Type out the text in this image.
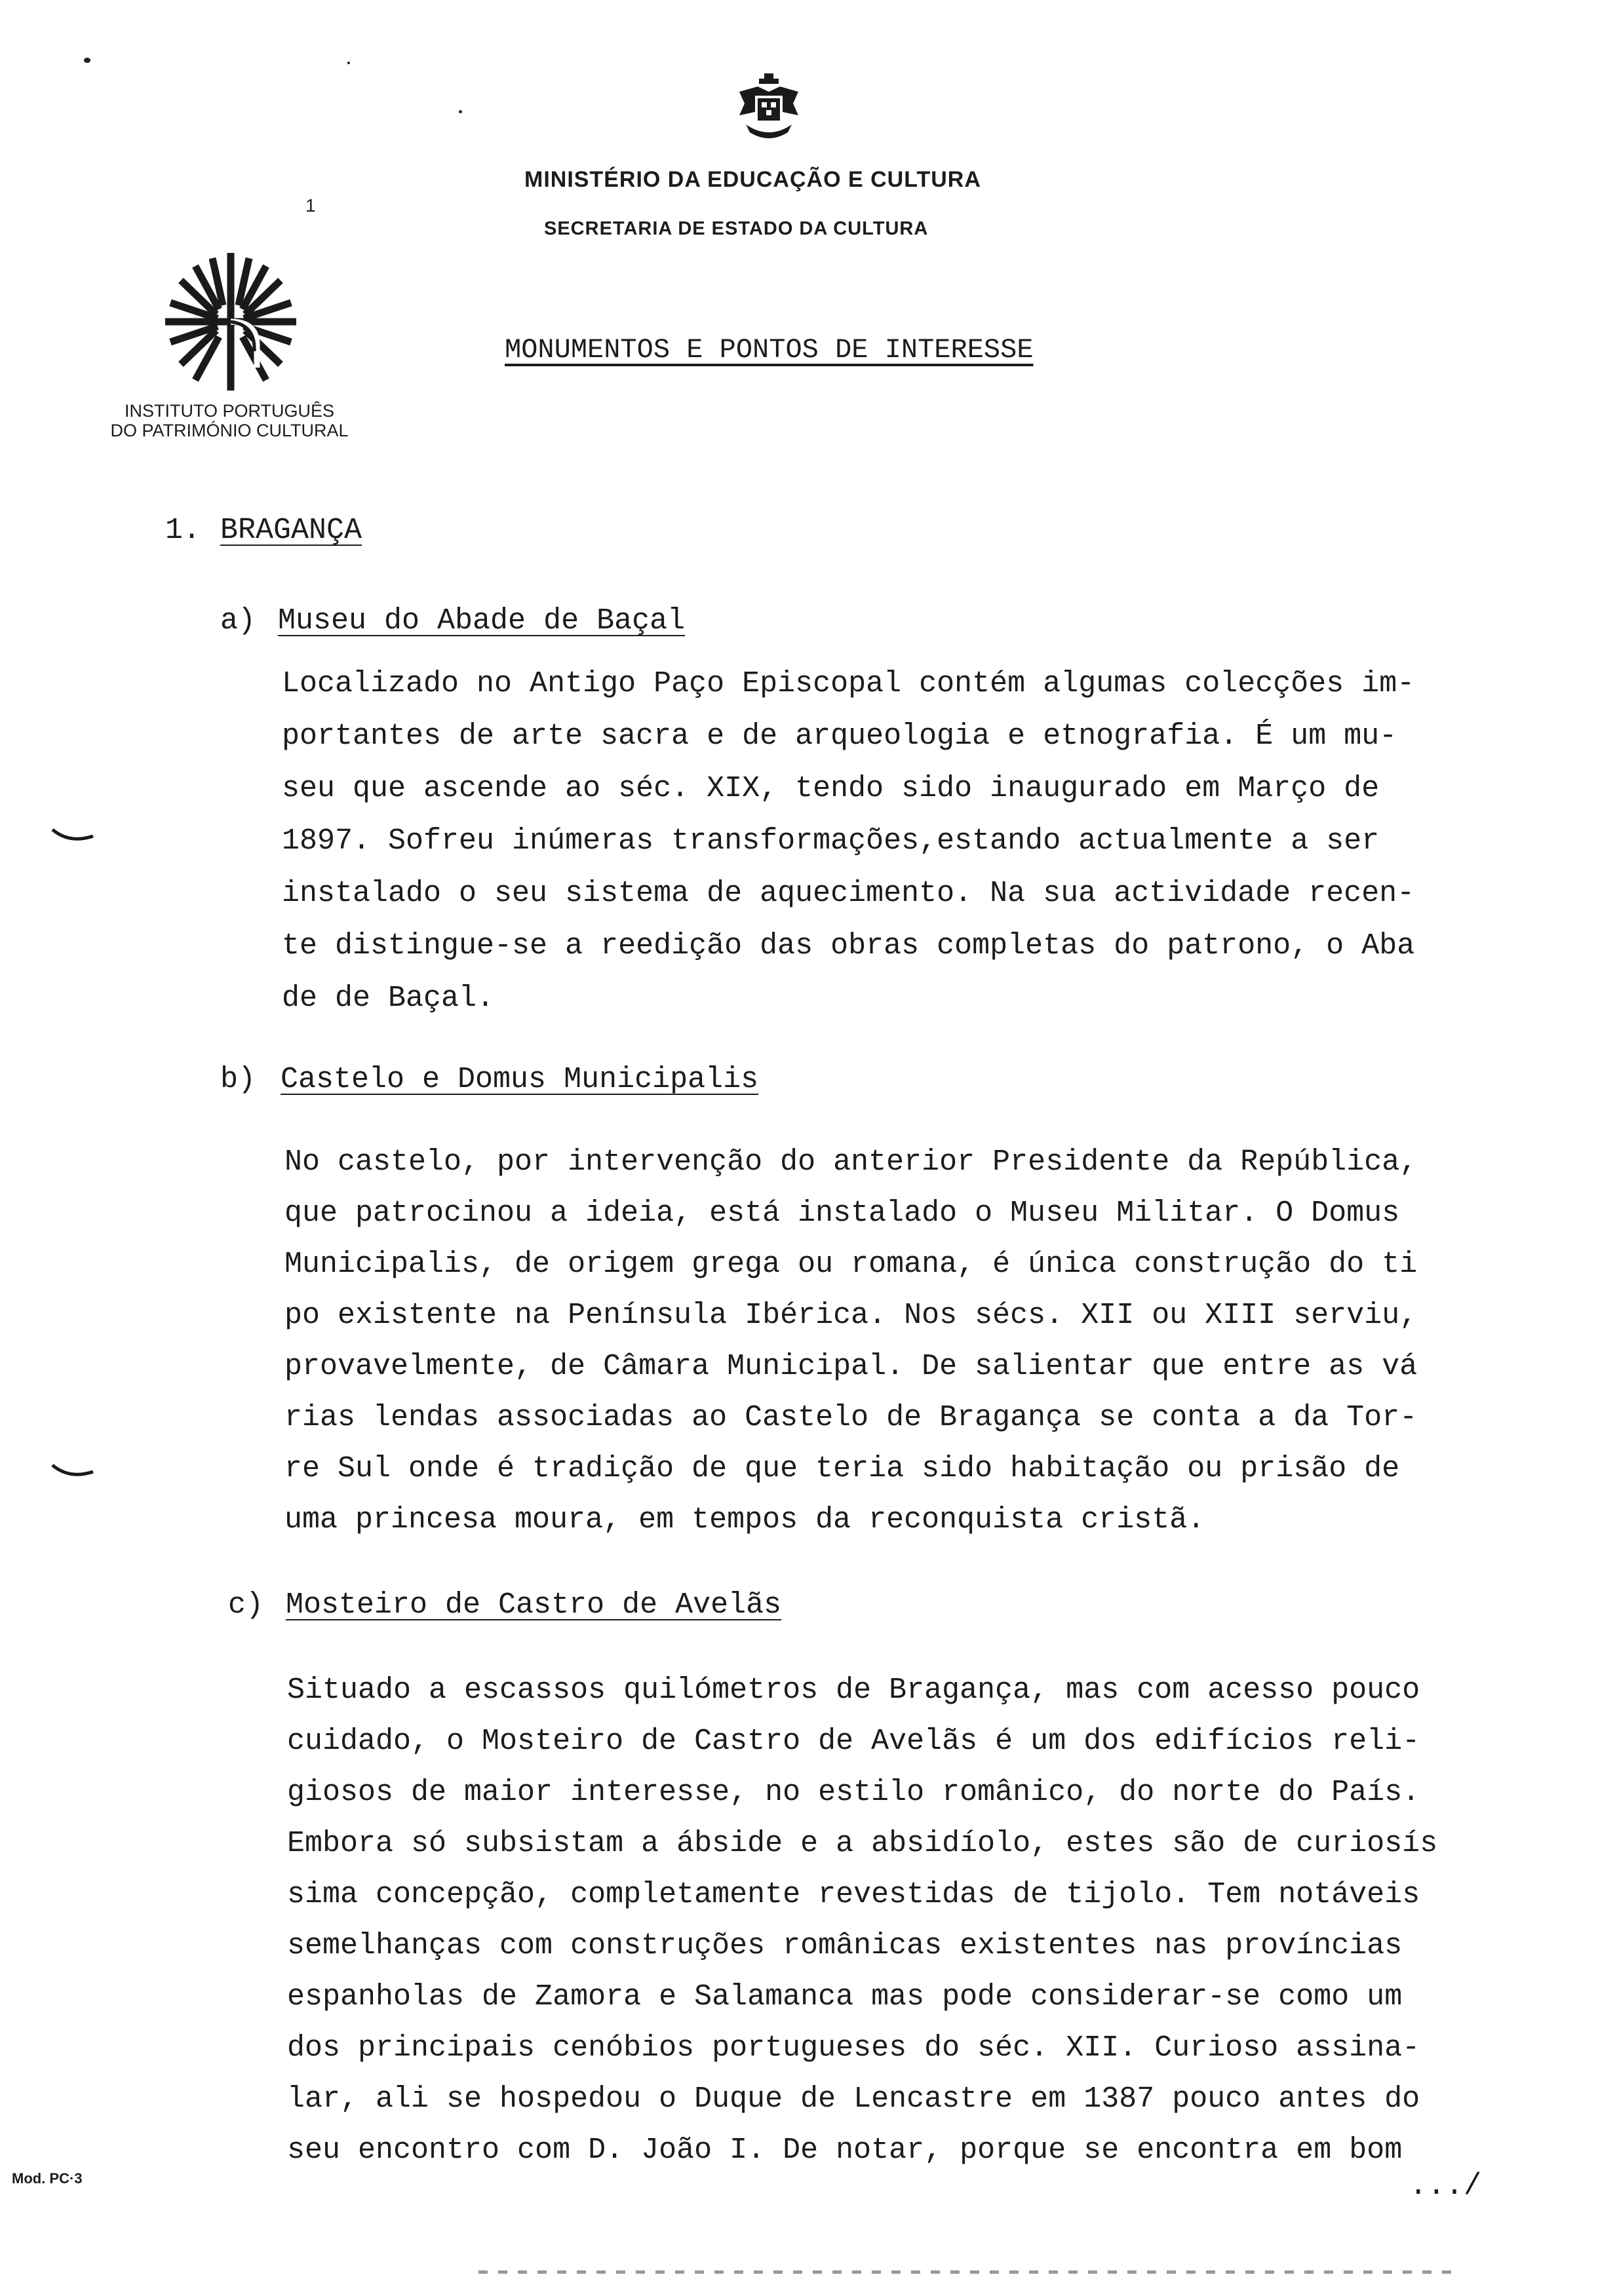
MINISTÉRIO DA EDUCAÇÃO E CULTURA
SECRETARIA DE ESTADO DA CULTURA
1
INSTITUTO PORTUGUÊS
DO PATRIMÓNIO CULTURAL
MONUMENTOS E PONTOS DE INTERESSE
1. BRAGANÇA
a) Museu do Abade de Baçal
Localizado no Antigo Paço Episcopal contém algumas colecções im-
portantes de arte sacra e de arqueologia e etnografia. É um mu-
seu que ascende ao séc. XIX, tendo sido inaugurado em Março de
1897. Sofreu inúmeras transformações,estando actualmente a ser
instalado o seu sistema de aquecimento. Na sua actividade recen-
te distingue-se a reedição das obras completas do patrono, o Aba
de de Baçal.
b) Castelo e Domus Municipalis
No castelo, por intervenção do anterior Presidente da República,
que patrocinou a ideia, está instalado o Museu Militar. O Domus
Municipalis, de origem grega ou romana, é única construção do ti
po existente na Península Ibérica. Nos sécs. XII ou XIII serviu,
provavelmente, de Câmara Municipal. De salientar que entre as vá
rias lendas associadas ao Castelo de Bragança se conta a da Tor-
re Sul onde é tradição de que teria sido habitação ou prisão de
uma princesa moura, em tempos da reconquista cristã.
c) Mosteiro de Castro de Avelãs
Situado a escassos quilómetros de Bragança, mas com acesso pouco
cuidado, o Mosteiro de Castro de Avelãs é um dos edifícios reli-
giosos de maior interesse, no estilo românico, do norte do País.
Embora só subsistam a ábside e a absidíolo, estes são de curiosís
sima concepção, completamente revestidas de tijolo. Tem notáveis
semelhanças com construções românicas existentes nas províncias
espanholas de Zamora e Salamanca mas pode considerar-se como um
dos principais cenóbios portugueses do séc. XII. Curioso assina-
lar, ali se hospedou o Duque de Lencastre em 1387 pouco antes do
seu encontro com D. João I. De notar, porque se encontra em bom
.../
Mod. PC·3
